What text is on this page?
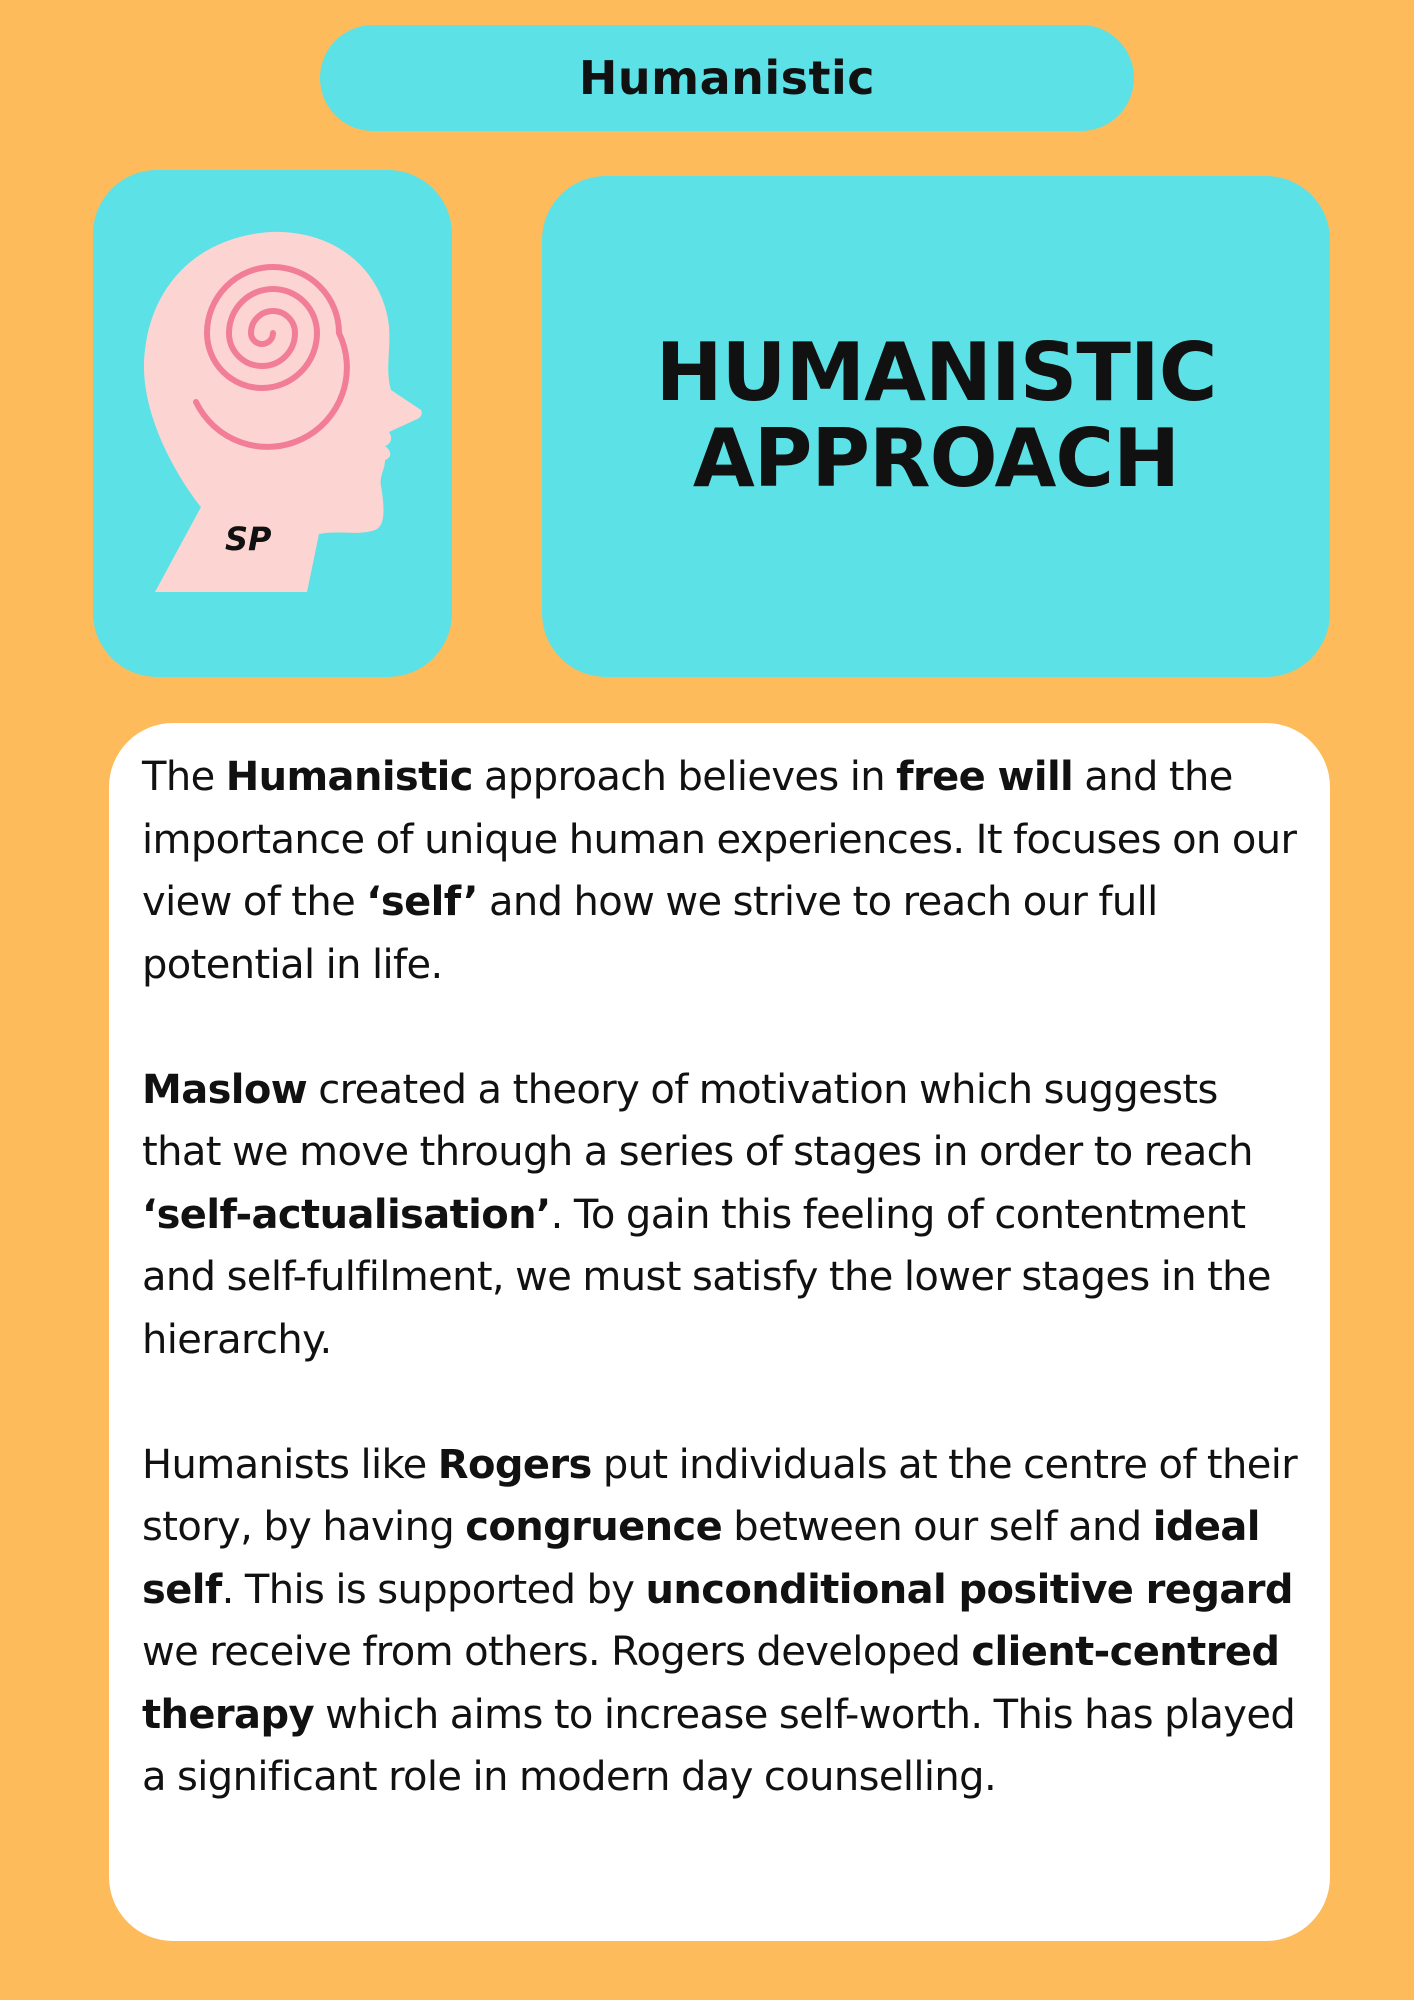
Humanistic
SP
HUMANISTIC
APPROACH

The Humanistic approach believes in free will and the importance of unique human experiences. It focuses on our view of the ‘self’ and how we strive to reach our full potential in life.

Maslow created a theory of motivation which suggests that we move through a series of stages in order to reach ‘self-actualisation’. To gain this feeling of contentment and self-fulfilment, we must satisfy the lower stages in the hierarchy.

Humanists like Rogers put individuals at the centre of their story, by having congruence between our self and ideal self. This is supported by unconditional positive regard we receive from others. Rogers developed client-centred therapy which aims to increase self-worth. This has played a significant role in modern day counselling.
